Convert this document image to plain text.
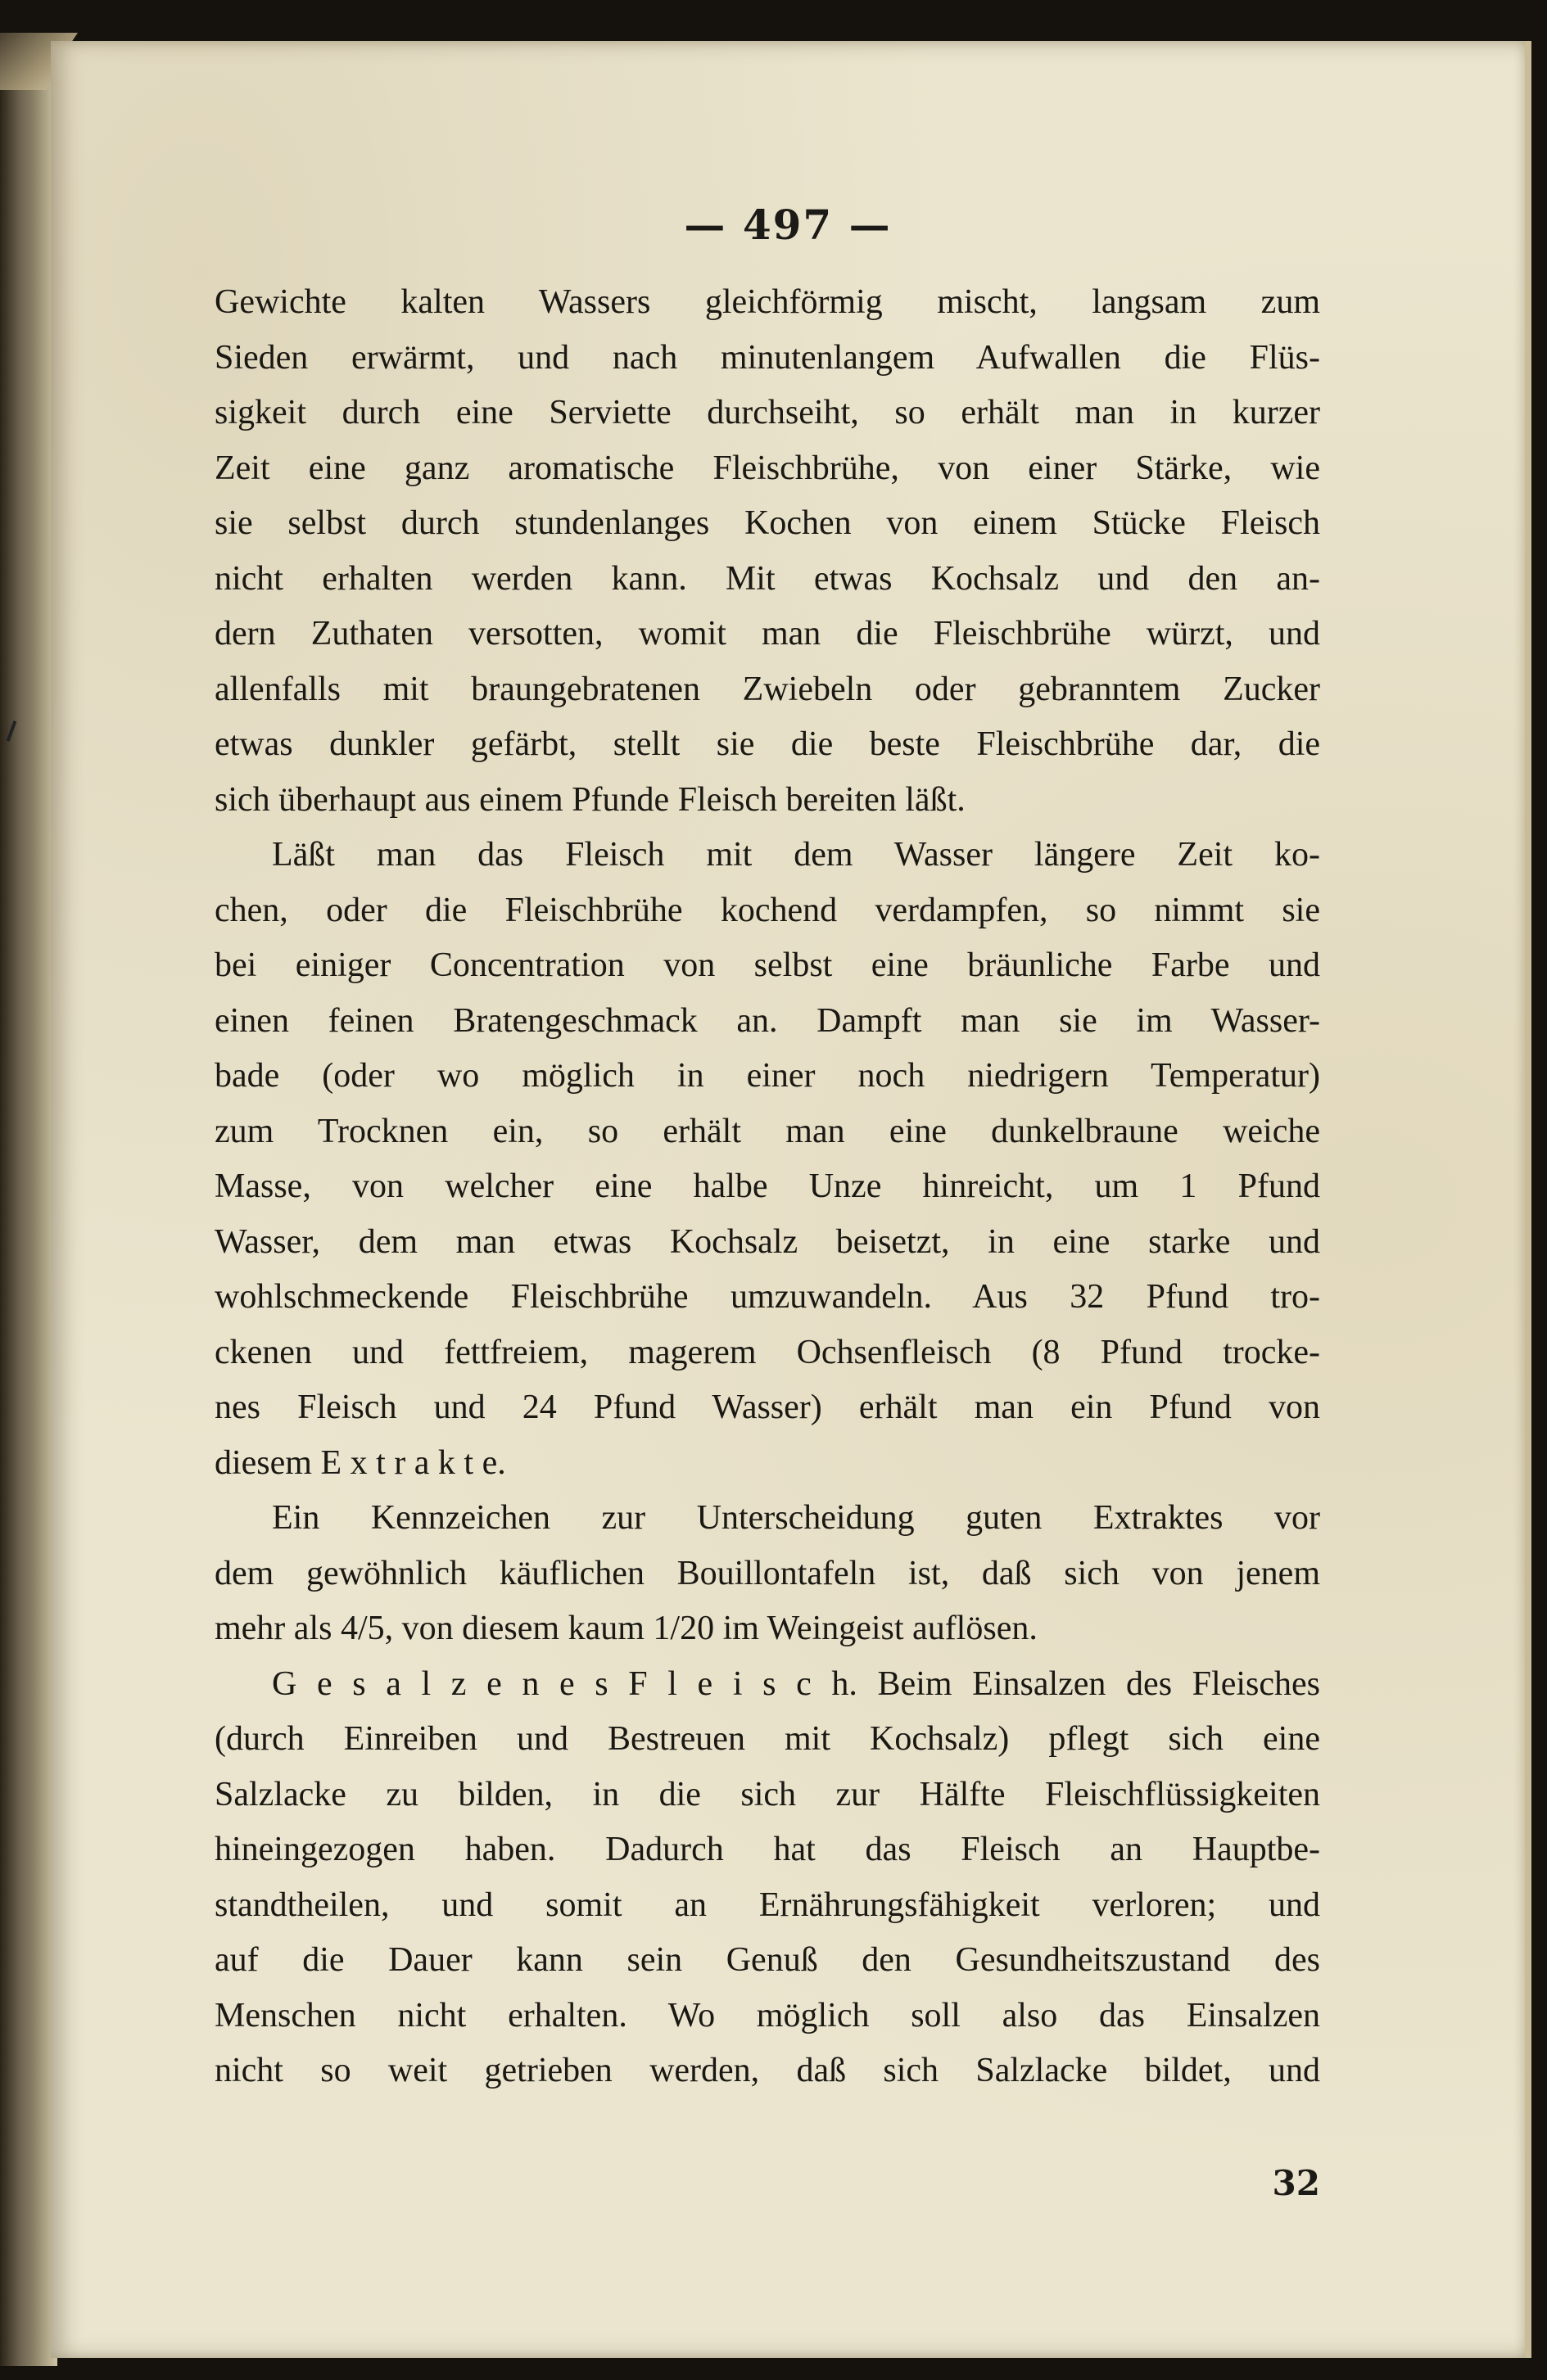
— 497 —
Gewichte kalten Wassers gleichförmig mischt, langsam zum
Sieden erwärmt, und nach minutenlangem Aufwallen die Flüs-
sigkeit durch eine Serviette durchseiht, so erhält man in kurzer
Zeit eine ganz aromatische Fleischbrühe, von einer Stärke, wie
sie selbst durch stundenlanges Kochen von einem Stücke Fleisch
nicht erhalten werden kann. Mit etwas Kochsalz und den an-
dern Zuthaten versotten, womit man die Fleischbrühe würzt, und
allenfalls mit braungebratenen Zwiebeln oder gebranntem Zucker
etwas dunkler gefärbt, stellt sie die beste Fleischbrühe dar, die
sich überhaupt aus einem Pfunde Fleisch bereiten läßt.
Läßt man das Fleisch mit dem Wasser längere Zeit ko-
chen, oder die Fleischbrühe kochend verdampfen, so nimmt sie
bei einiger Concentration von selbst eine bräunliche Farbe und
einen feinen Bratengeschmack an. Dampft man sie im Wasser-
bade (oder wo möglich in einer noch niedrigern Temperatur)
zum Trocknen ein, so erhält man eine dunkelbraune weiche
Masse, von welcher eine halbe Unze hinreicht, um 1 Pfund
Wasser, dem man etwas Kochsalz beisetzt, in eine starke und
wohlschmeckende Fleischbrühe umzuwandeln. Aus 32 Pfund tro-
ckenen und fettfreiem, magerem Ochsenfleisch (8 Pfund trocke-
nes Fleisch und 24 Pfund Wasser) erhält man ein Pfund von
diesem E x t r a k t e.
Ein Kennzeichen zur Unterscheidung guten Extraktes vor
dem gewöhnlich käuflichen Bouillontafeln ist, daß sich von jenem
mehr als 4/5, von diesem kaum 1/20 im Weingeist auflösen.
G e s a l z e n e s F l e i s c h. Beim Einsalzen des Fleisches
(durch Einreiben und Bestreuen mit Kochsalz) pflegt sich eine
Salzlacke zu bilden, in die sich zur Hälfte Fleischflüssigkeiten
hineingezogen haben. Dadurch hat das Fleisch an Hauptbe-
standtheilen, und somit an Ernährungsfähigkeit verloren; und
auf die Dauer kann sein Genuß den Gesundheitszustand des
Menschen nicht erhalten. Wo möglich soll also das Einsalzen
nicht so weit getrieben werden, daß sich Salzlacke bildet, und
32
